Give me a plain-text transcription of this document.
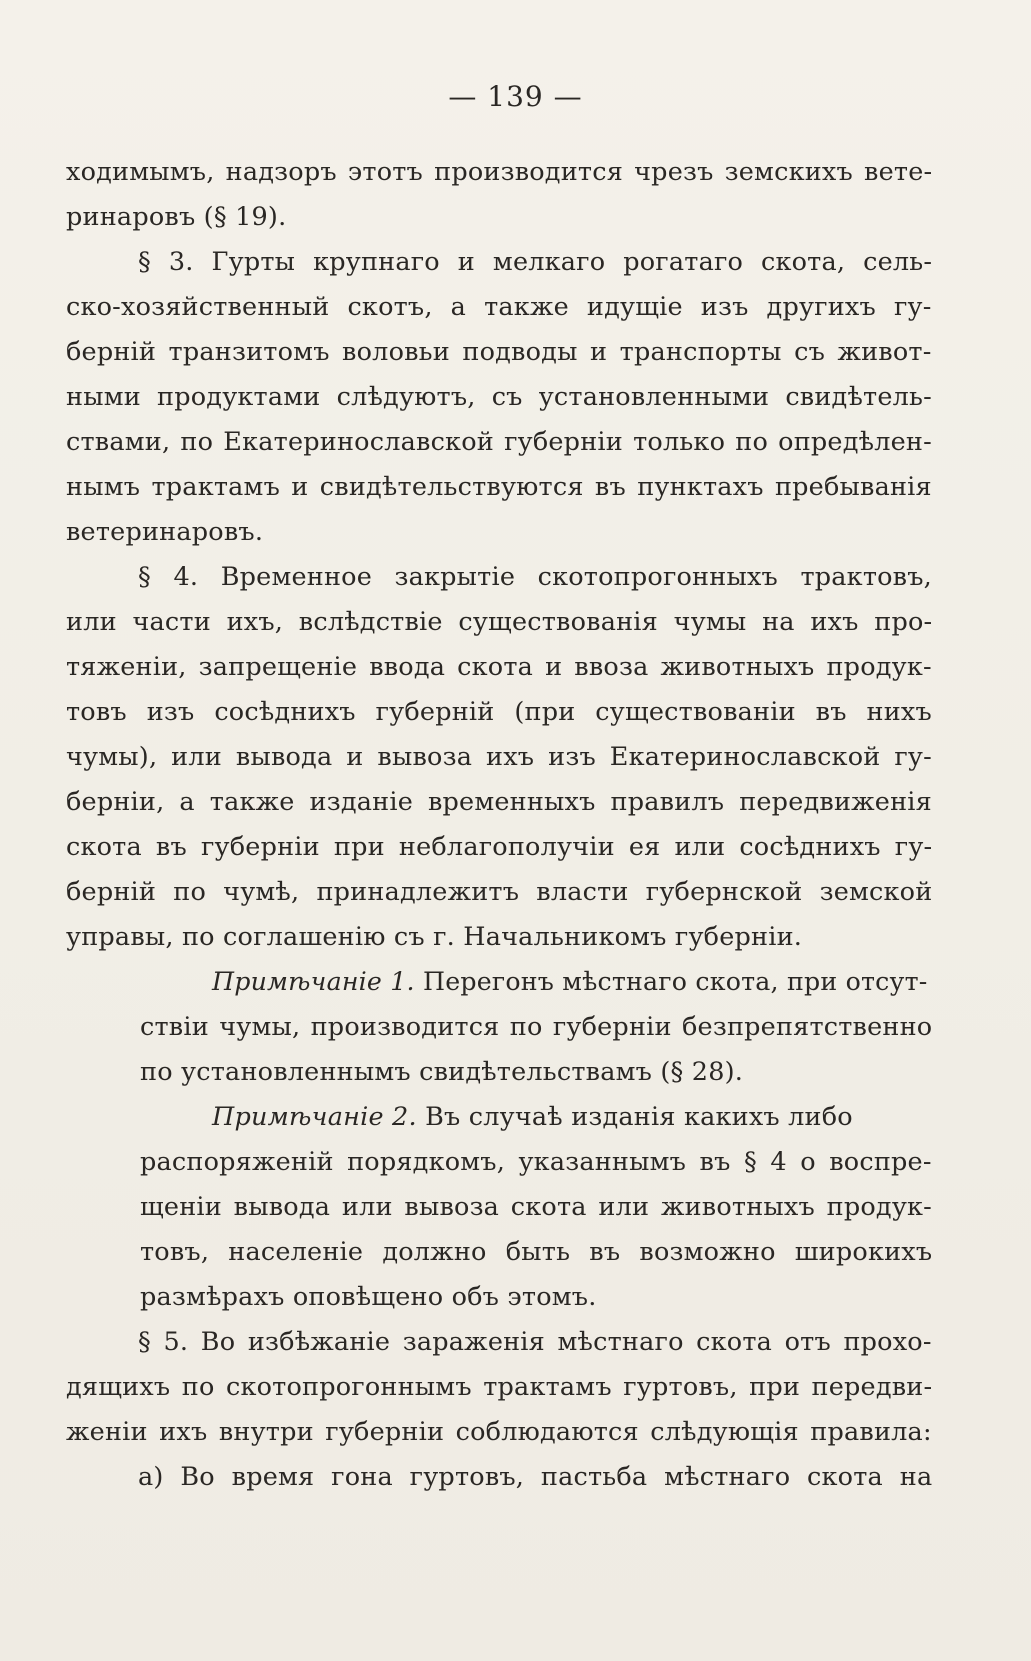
— 139 —
ходимымъ, надзоръ этотъ производится чрезъ земскихъ вете-
ринаровъ (§ 19).
§ 3. Гурты крупнаго и мелкаго рогатаго скота, сель-
ско-хозяйственный скотъ, а также идущіе изъ другихъ гу-
берній транзитомъ воловьи подводы и транспорты съ живот-
ными продуктами слѣдуютъ, съ установленными свидѣтель-
ствами, по Екатеринославской губерніи только по опредѣлен-
нымъ трактамъ и свидѣтельствуются въ пунктахъ пребыванія
ветеринаровъ.
§ 4. Временное закрытіе скотопрогонныхъ трактовъ,
или части ихъ, вслѣдствіе существованія чумы на ихъ про-
тяженіи, запрещеніе ввода скота и ввоза животныхъ продук-
товъ изъ сосѣднихъ губерній (при существованіи въ нихъ
чумы), или вывода и вывоза ихъ изъ Екатеринославской гу-
берніи, а также изданіе временныхъ правилъ передвиженія
скота въ губерніи при неблагополучіи ея или сосѣднихъ гу-
берній по чумѣ, принадлежитъ власти губернской земской
управы, по соглашенію съ г. Начальникомъ губерніи.
Примѣчаніе 1. Перегонъ мѣстнаго скота, при отсут-
ствіи чумы, производится по губерніи безпрепятственно
по установленнымъ свидѣтельствамъ (§ 28).
Примѣчаніе 2. Въ случаѣ изданія какихъ либо
распоряженій порядкомъ, указаннымъ въ § 4 о воспре-
щеніи вывода или вывоза скота или животныхъ продук-
товъ, населеніе должно быть въ возможно широкихъ
размѣрахъ оповѣщено объ этомъ.
§ 5. Во избѣжаніе зараженія мѣстнаго скота отъ прохо-
дящихъ по скотопрогоннымъ трактамъ гуртовъ, при передви-
женіи ихъ внутри губерніи соблюдаются слѣдующія правила:
а) Во время гона гуртовъ, пастьба мѣстнаго скота на
